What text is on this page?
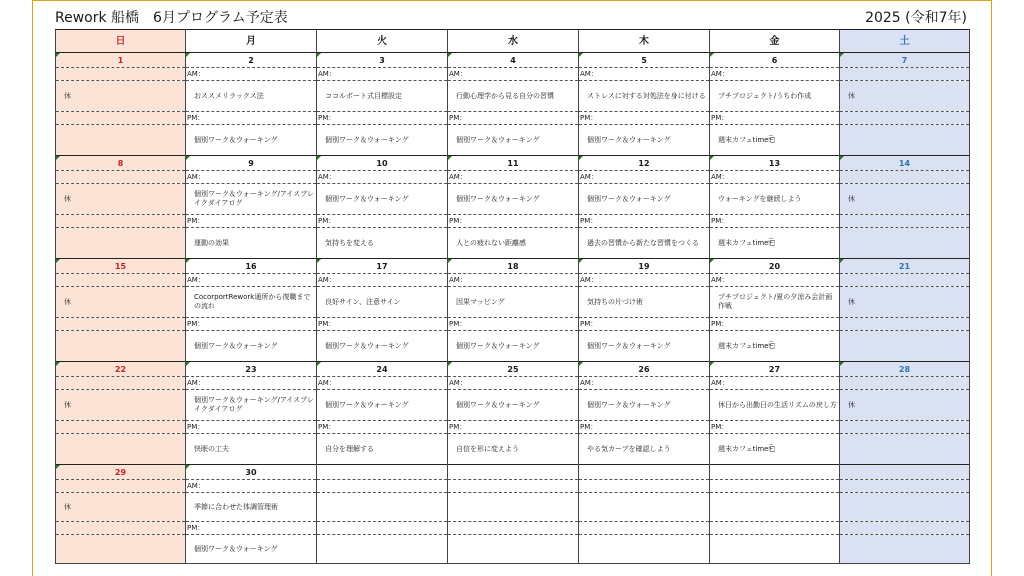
Rework 船橋　6月プログラム予定表	2025 (令和7年)
日	月	火	水	木	金	土

1	2	3	4	5	6	7
	AM：	AM：	AM：	AM：	AM：	
休	おススメリラックス法	ココルポート式目標設定	行動心理学から見る自分の習慣	ストレスに対する対処法を身に付ける	プチプロジェクト/うちわ作成	休
	PM：	PM：	PM：	PM：	PM：	
	個別ワーク＆ウォーキング	個別ワーク＆ウォーキング	個別ワーク＆ウォーキング	個別ワーク＆ウォーキング	週末カフェtime⎗	

8	9	10	11	12	13	14
	AM：	AM：	AM：	AM：	AM：	
休	個別ワーク＆ウォーキング/アイスブレイクダイアログ	個別ワーク＆ウォーキング	個別ワーク＆ウォーキング	個別ワーク＆ウォーキング	ウォーキングを継続しよう	休
	PM：	PM：	PM：	PM：	PM：	
	運動の効果	気持ちを変える	人との疲れない距離感	過去の習慣から新たな習慣をつくる	週末カフェtime⎗	

15	16	17	18	19	20	21
	AM：	AM：	AM：	AM：	AM：	
休	CocorportRework通所から復職までの流れ	良好サイン、注意サイン	因果マッピング	気持ちの片づけ術	プチプロジェクト/夏の夕涼み会計画作戦	休
	PM：	PM：	PM：	PM：	PM：	
	個別ワーク＆ウォーキング	個別ワーク＆ウォーキング	個別ワーク＆ウォーキング	個別ワーク＆ウォーキング	週末カフェtime⎗	

22	23	24	25	26	27	28
	AM：	AM：	AM：	AM：	AM：	
休	個別ワーク＆ウォーキング/アイスブレイクダイアログ	個別ワーク＆ウォーキング	個別ワーク＆ウォーキング	個別ワーク＆ウォーキング	休日から出勤日の生活リズムの戻し方	休
	PM：	PM：	PM：	PM：	PM：	
	快眠の工夫	自分を理解する	自信を形に変えよう	やる気カーブを確認しよう	週末カフェtime⎗	

29	30					
	AM：					
休	季節に合わせた体調管理術					
	PM：					
	個別ワーク＆ウォーキング					
